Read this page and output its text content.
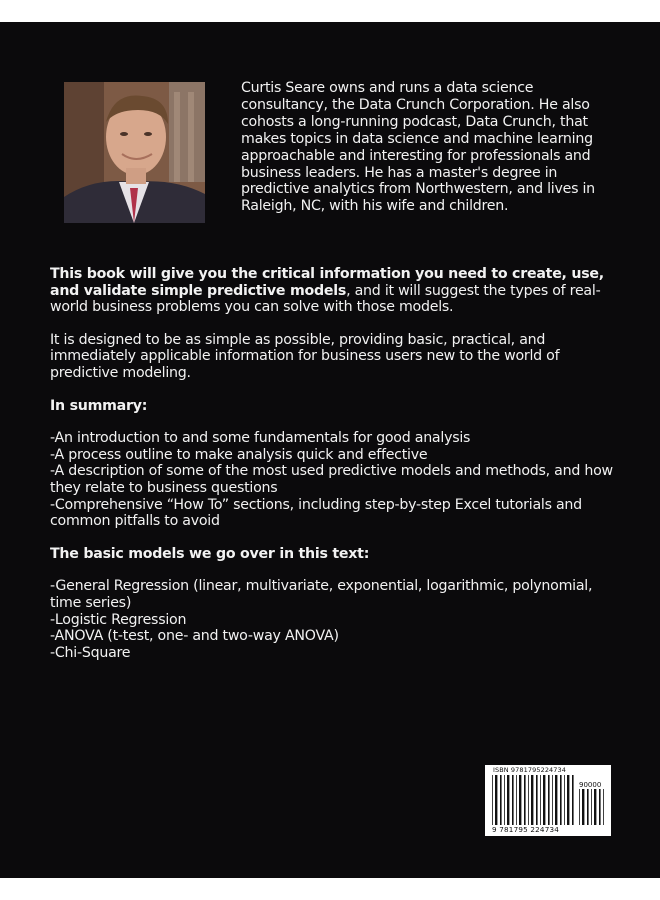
Curtis Seare owns and runs a data science consultancy, the Data Crunch Corporation. He also cohosts a long-running podcast, Data Crunch, that makes topics in data science and machine learning approachable and interesting for professionals and business leaders. He has a master's degree in predictive analytics from Northwestern, and lives in Raleigh, NC, with his wife and children.

This book will give you the critical information you need to create, use, and validate simple predictive models, and it will suggest the types of real-world business problems you can solve with those models.

It is designed to be as simple as possible, providing basic, practical, and immediately applicable information for business users new to the world of predictive modeling.

In summary:

-An introduction to and some fundamentals for good analysis

-A process outline to make analysis quick and effective

-A description of some of the most used predictive models and methods, and how they relate to business questions

-Comprehensive “How To” sections, including step-by-step Excel tutorials and common pitfalls to avoid

The basic models we go over in this text:

-General Regression (linear, multivariate, exponential, logarithmic, polynomial, time series)

-Logistic Regression

-ANOVA (t-test, one- and two-way ANOVA)

-Chi-Square

ISBN 9781795224734
90000
9 781795 224734
